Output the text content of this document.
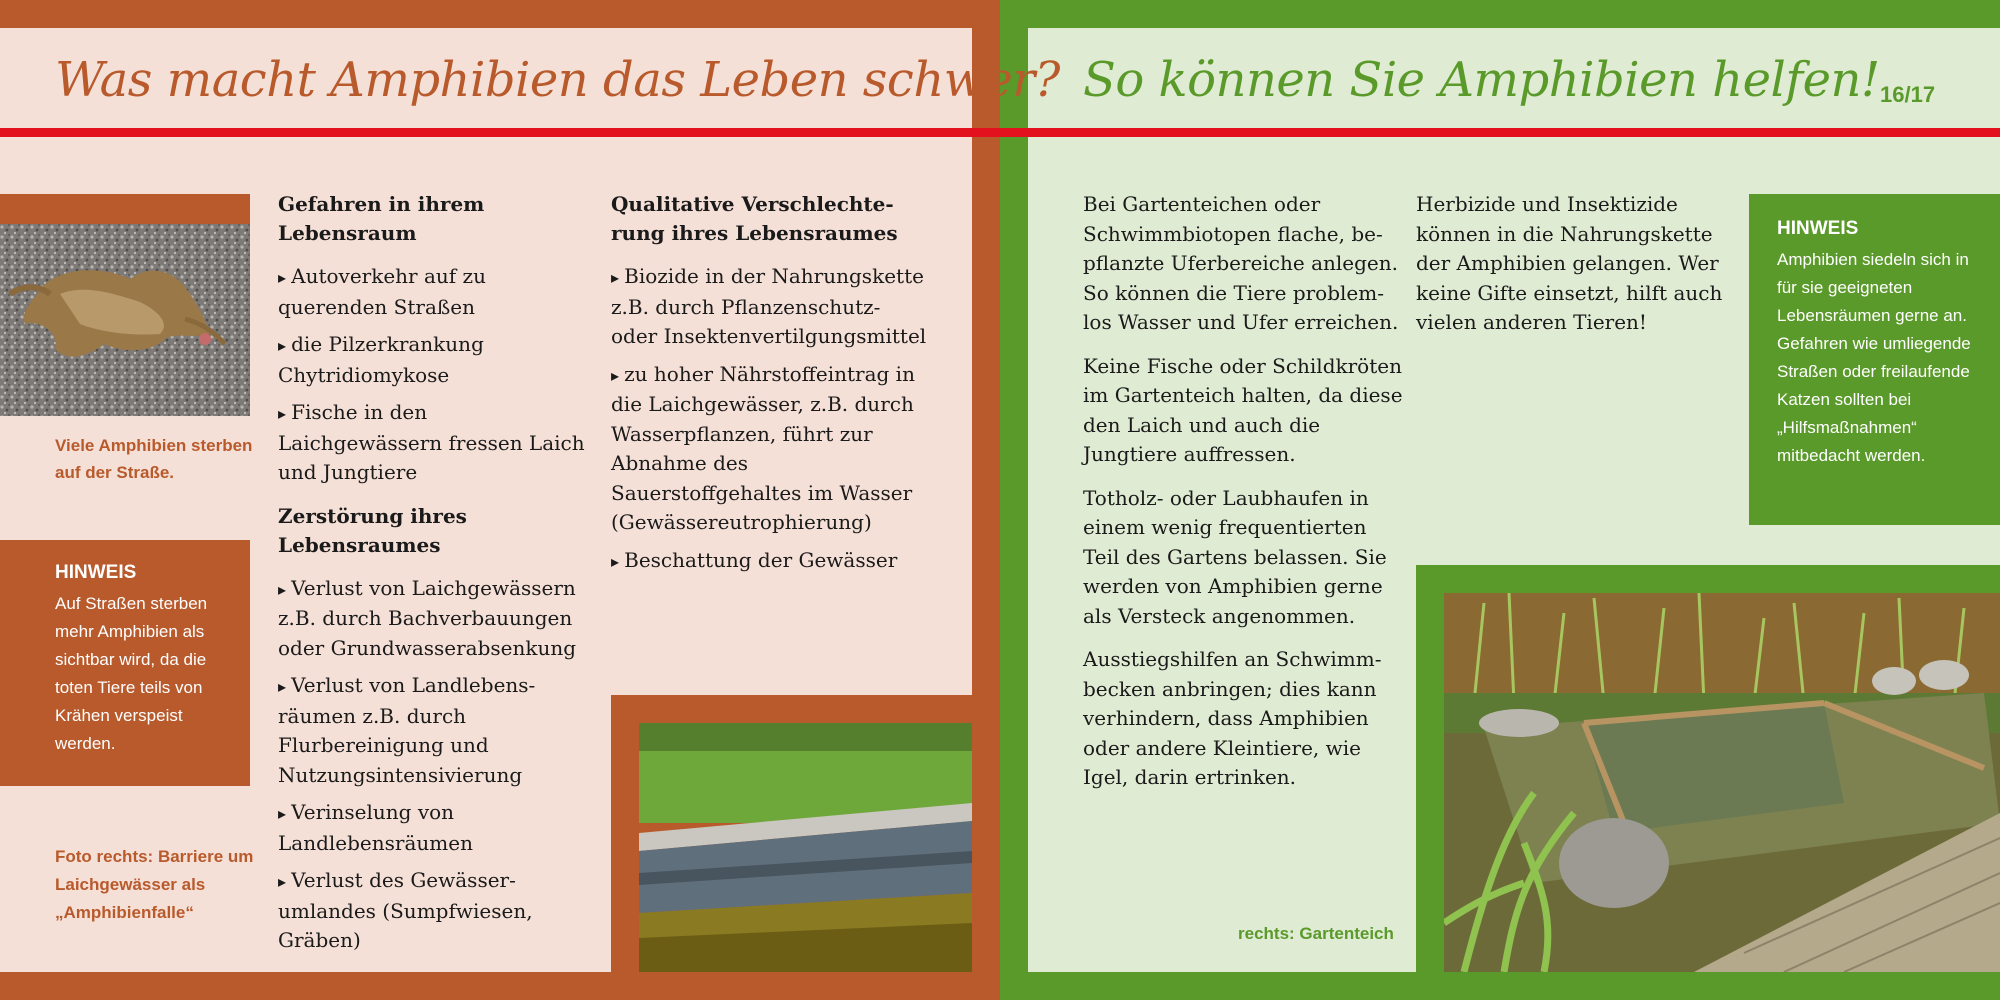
Was macht Amphibien das Leben schwer? So können Sie Amphibien helfen! 16/17
Viele Amphibien sterben auf der Straße.
HINWEIS
Auf Straßen sterben mehr Amphibien als sichtbar wird, da die toten Tiere teils von Krähen verspeist werden.
Foto rechts: Barriere um Laichgewässer als „Amphibienfalle“
Gefahren in ihrem Lebensraum
▸ Autoverkehr auf zu querenden Straßen
▸ die Pilzerkrankung Chytridiomykose
▸ Fische in den Laichgewässern fressen Laich und Jungtiere
Zerstörung ihres Lebensraumes
▸ Verlust von Laichgewässern z.B. durch Bachverbauungen oder Grundwasserabsenkung
▸ Verlust von Landlebensräumen z.B. durch Flurbereinigung und Nutzungsintensivierung
▸ Verinselung von Landlebensräumen
▸ Verlust des Gewässerumlandes (Sumpfwiesen, Gräben)
Qualitative Verschlechterung ihres Lebensraumes
▸ Biozide in der Nahrungskette z.B. durch Pflanzenschutz- oder Insektenvertilgungsmittel
▸ zu hoher Nährstoffeintrag in die Laichgewässer, z.B. durch Wasserpflanzen, führt zur Abnahme des Sauerstoffgehaltes im Wasser (Gewässereutrophierung)
▸ Beschattung der Gewässer

Bei Gartenteichen oder Schwimmbiotopen flache, bepflanzte Uferbereiche anlegen. So können die Tiere problemlos Wasser und Ufer erreichen.

Keine Fische oder Schildkröten im Gartenteich halten, da diese den Laich und auch die Jungtiere auffressen.

Totholz- oder Laubhaufen in einem wenig frequentierten Teil des Gartens belassen. Sie werden von Amphibien gerne als Versteck angenommen.

Ausstiegshilfen an Schwimmbecken anbringen; dies kann verhindern, dass Amphibien oder andere Kleintiere, wie Igel, darin ertrinken.

Herbizide und Insektizide können in die Nahrungskette der Amphibien gelangen. Wer keine Gifte einsetzt, hilft auch vielen anderen Tieren!

HINWEIS
Amphibien siedeln sich in für sie geeigneten Lebensräumen gerne an. Gefahren wie umliegende Straßen oder freilaufende Katzen sollten bei „Hilfsmaßnahmen“ mitbedacht werden.
rechts: Gartenteich
